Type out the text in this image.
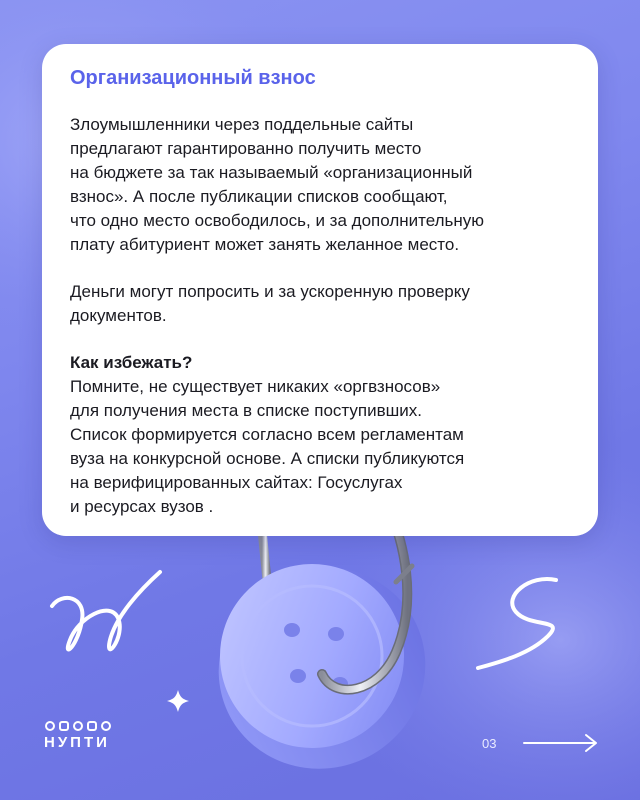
Организационный взнос

Злоумышленники через поддельные сайты
предлагают гарантированно получить место
на бюджете за так называемый «организационный
взнос». А после публикации списков сообщают,
что одно место освободилось, и за дополнительную
плату абитуриент может занять желанное место.

Деньги могут попросить и за ускоренную проверку
документов.

Как избежать?
Помните, не существует никаких «оргвзносов»
для получения места в списке поступивших.
Список формируется согласно всем регламентам
вуза на конкурсной основе. А списки публикуются
на верифицированных сайтах: Госуслугах
и ресурсах вузов .

НУПТИ	03
